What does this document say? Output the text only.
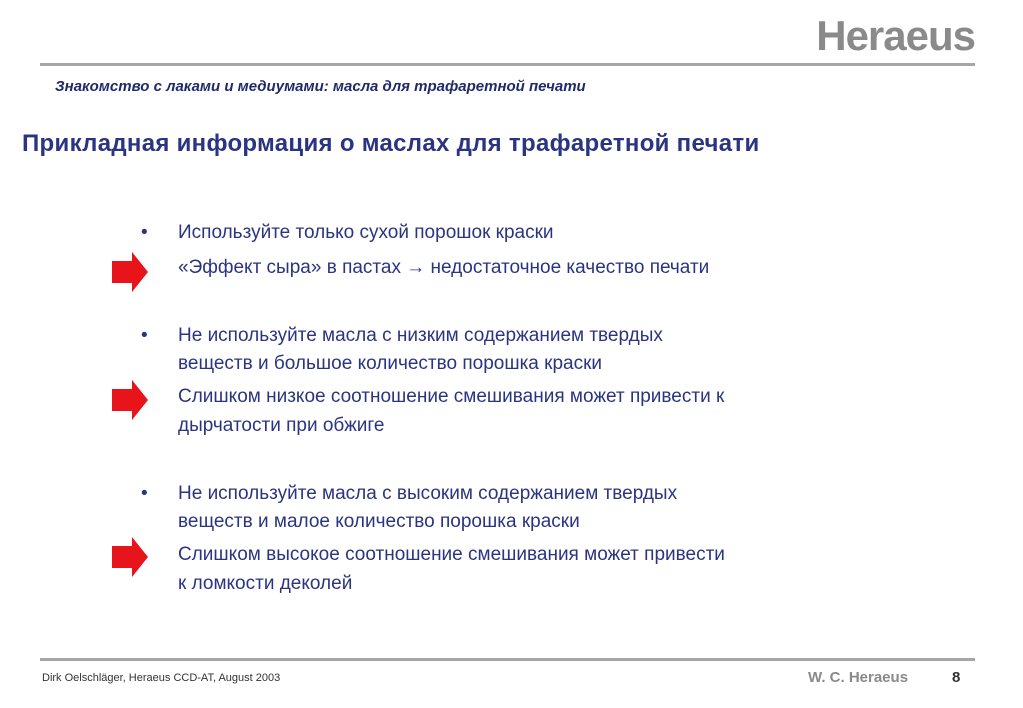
Heraeus
Знакомство с лаками и медиумами: масла для трафаретной печати
Прикладная информация о маслах для трафаретной печати
• Используйте только сухой порошок краски
«Эффект сыра» в пастах → недостаточное качество печати
• Не используйте масла с низким содержанием твердых
веществ и большое количество порошка краски
Слишком низкое соотношение смешивания может привести к
дырчатости при обжиге
• Не используйте масла с высоким содержанием твердых
веществ и малое количество порошка краски
Слишком высокое соотношение смешивания может привести
к ломкости деколей
Dirk Oelschläger, Heraeus CCD-AT, August 2003	W. C. Heraeus	8
